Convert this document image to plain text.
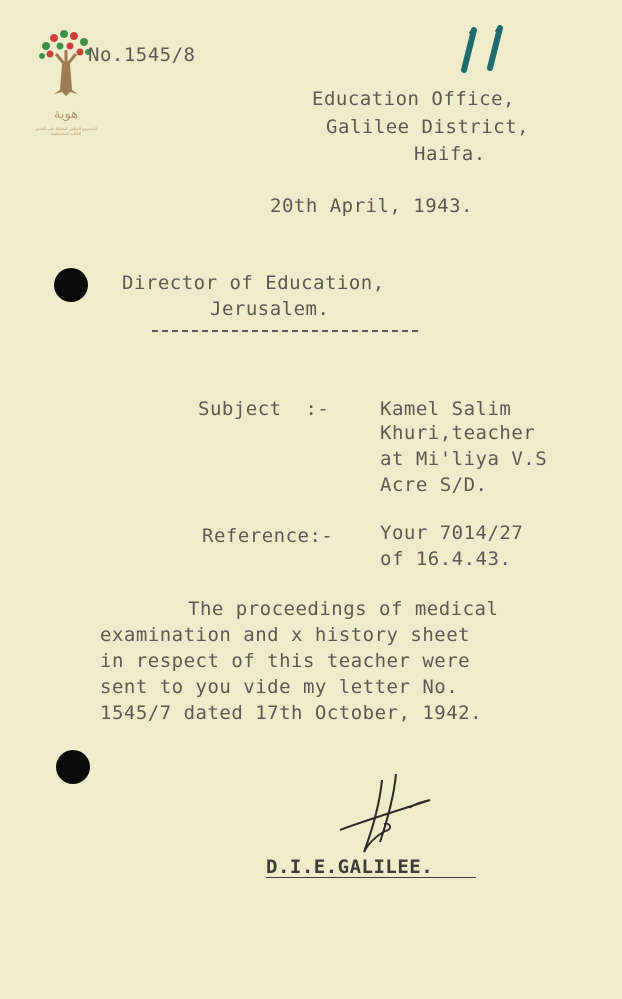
هوية
المشروع الوطني للحفاظ على الجذور العائلية الفلسطينية
No.1545/8
Education Office,
Galilee District,
Haifa.
20th April, 1943.
Director of Education,
Jerusalem.
Subject  :-	Kamel Salim
Khuri,teacher
at Mi'liya V.S
Acre S/D.
Reference:- Your 7014/27
of 16.4.43.
The proceedings of medical
examination and x history sheet
in respect of this teacher were
sent to you vide my letter No.
1545/7 dated 17th October, 1942.
D.I.E.GALILEE.
